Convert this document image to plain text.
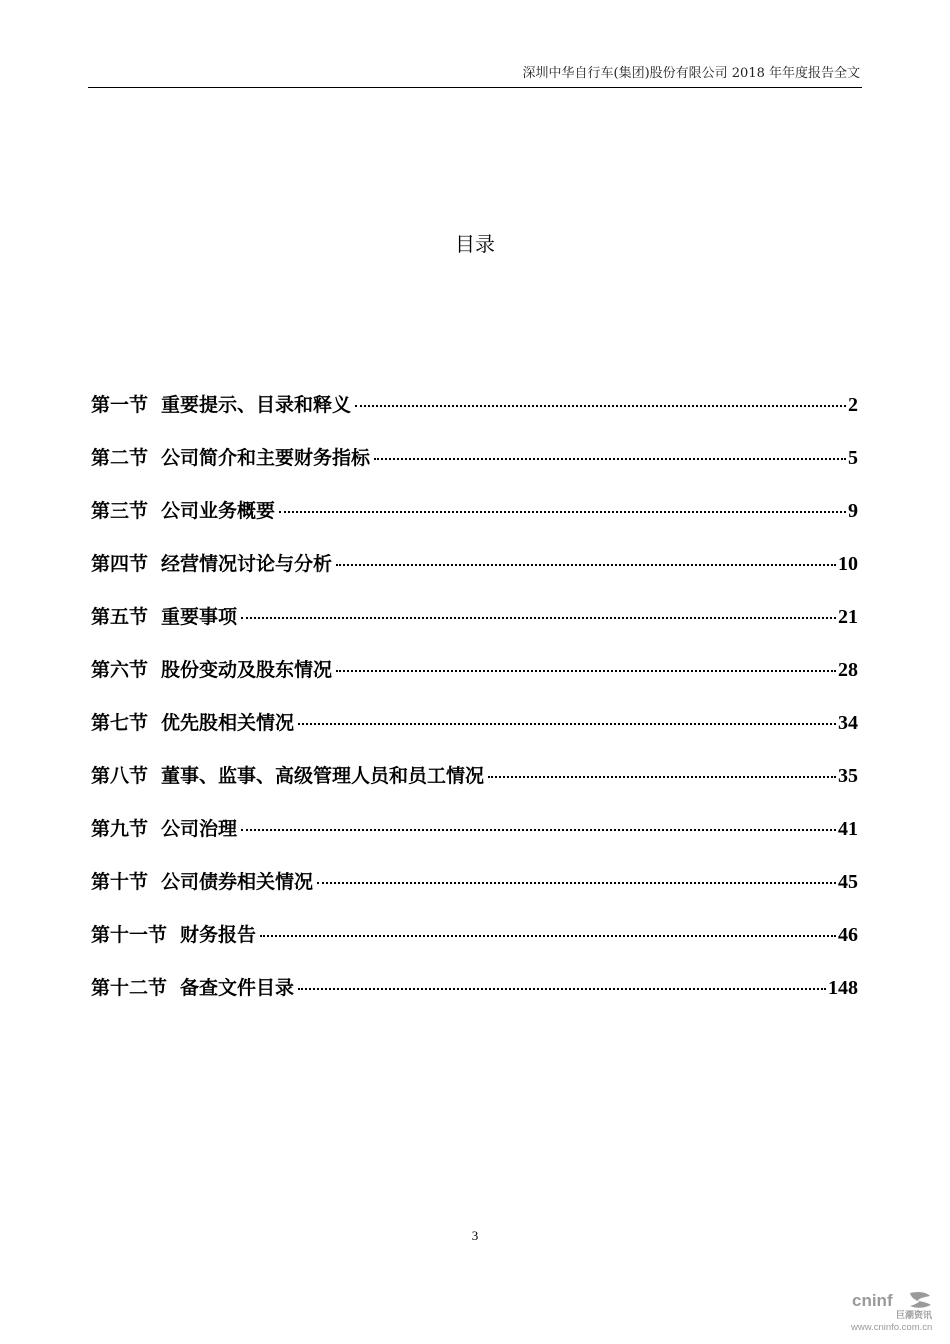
深圳中华自行车(集团)股份有限公司 2018 年年度报告全文
目录
第一节 重要提示、目录和释义	2
第二节 公司简介和主要财务指标	5
第三节 公司业务概要	9
第四节 经营情况讨论与分析	10
第五节 重要事项	21
第六节 股份变动及股东情况	28
第七节 优先股相关情况	34
第八节 董事、监事、高级管理人员和员工情况	35
第九节 公司治理	41
第十节 公司债券相关情况	45
第十一节 财务报告	46
第十二节 备查文件目录	148
3
cninf
巨潮资讯
www.cninfo.com.cn
